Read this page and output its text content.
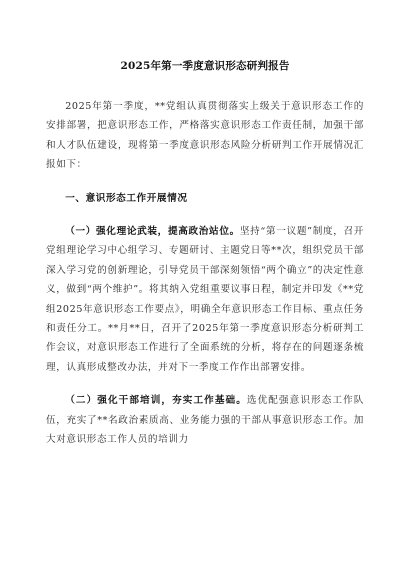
2025年第一季度意识形态研判报告

2025年第一季度，**党组认真贯彻落实上级关于意识形态工作的安排部署，把意识形态工作，严格落实意识形态工作责任制，加强干部和人才队伍建设，现将第一季度意识形态风险分析研判工作开展情况汇报如下：

一、意识形态工作开展情况

（一）强化理论武装，提高政治站位。坚持“第一议题”制度，召开党组理论学习中心组学习、专题研讨、主题党日等**次，组织党员干部深入学习党的创新理论，引导党员干部深刻领悟“两个确立”的决定性意义，做到“两个维护”。将其纳入党组重要议事日程，制定并印发《**党组2025年意识形态工作要点》，明确全年意识形态工作目标、重点任务和责任分工。**月**日，召开了2025年第一季度意识形态分析研判工作会议，对意识形态工作进行了全面系统的分析，将存在的问题逐条梳理，认真形成整改办法，并对下一季度工作作出部署安排。

（二）强化干部培训，夯实工作基础。选优配强意识形态工作队伍，充实了**名政治素质高、业务能力强的干部从事意识形态工作。加大对意识形态工作人员的培训力
